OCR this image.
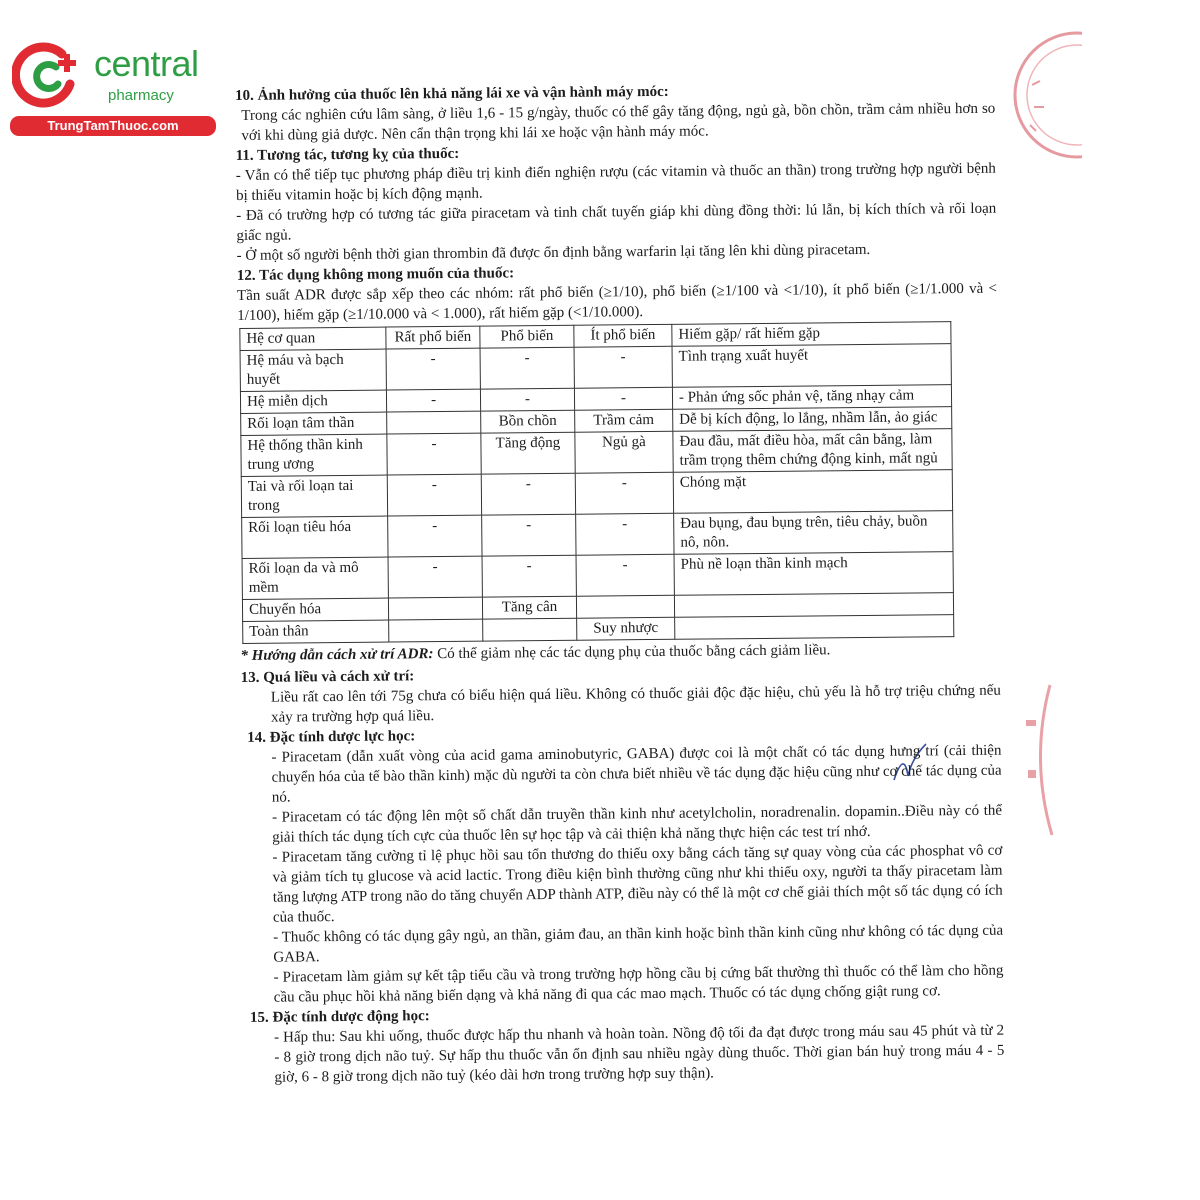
central
pharmacy
TrungTamThuoc.com

10. Ảnh hưởng của thuốc lên khả năng lái xe và vận hành máy móc:

Trong các nghiên cứu lâm sàng, ở liều 1,6 - 15 g/ngày, thuốc có thể gây tăng động, ngủ gà, bồn chồn, trầm cảm nhiều hơn so với khi dùng giả dược. Nên cẩn thận trọng khi lái xe hoặc vận hành máy móc.

11. Tương tác, tương kỵ của thuốc:

- Vẫn có thể tiếp tục phương pháp điều trị kinh điển nghiện rượu (các vitamin và thuốc an thần) trong trường hợp người bệnh bị thiếu vitamin hoặc bị kích động mạnh.

- Đã có trường hợp có tương tác giữa piracetam và tinh chất tuyến giáp khi dùng đồng thời: lú lẫn, bị kích thích và rối loạn giấc ngủ.

- Ở một số người bệnh thời gian thrombin đã được ổn định bằng warfarin lại tăng lên khi dùng piracetam.

12. Tác dụng không mong muốn của thuốc:

Tần suất ADR được sắp xếp theo các nhóm: rất phổ biến (≥1/10), phổ biến (≥1/100 và <1/10), ít phổ biến (≥1/1.000 và < 1/100), hiếm gặp (≥1/10.000 và < 1.000), rất hiếm gặp (<1/10.000).

Hệ cơ quan	Rất phổ biến	Phổ biến	Ít phổ biến	Hiếm gặp/ rất hiếm gặp
Hệ máu và bạch huyết	-	-	-	Tình trạng xuất huyết
Hệ miễn dịch	-	-	-	- Phản ứng sốc phản vệ, tăng nhạy cảm
Rối loạn tâm thần		Bồn chồn	Trầm cảm	Dễ bị kích động, lo lắng, nhầm lẫn, ảo giác
Hệ thống thần kinh trung ương	-	Tăng động	Ngủ gà	Đau đầu, mất điều hòa, mất cân bằng, làm trầm trọng thêm chứng động kinh, mất ngủ
Tai và rối loạn tai trong	-	-	-	Chóng mặt
Rối loạn tiêu hóa	-	-	-	Đau bụng, đau bụng trên, tiêu chảy, buồn nô, nôn.
Rối loạn da và mô mềm	-	-	-	Phù nề loạn thần kinh mạch
Chuyển hóa		Tăng cân		
Toàn thân			Suy nhược	

* Hướng dẫn cách xử trí ADR: Có thể giảm nhẹ các tác dụng phụ của thuốc bằng cách giảm liều.

13. Quá liều và cách xử trí:

Liều rất cao lên tới 75g chưa có biểu hiện quá liều. Không có thuốc giải độc đặc hiệu, chủ yếu là hỗ trợ triệu chứng nếu xảy ra trường hợp quá liều.

14. Đặc tính dược lực học:

- Piracetam (dẫn xuất vòng của acid gama aminobutyric, GABA) được coi là một chất có tác dụng hưng trí (cải thiện chuyển hóa của tế bào thần kinh) mặc dù người ta còn chưa biết nhiều về tác dụng đặc hiệu cũng như cơ chế tác dụng của nó.

- Piracetam có tác động lên một số chất dẫn truyền thần kinh như acetylcholin, noradrenalin. dopamin..Điều này có thể giải thích tác dụng tích cực của thuốc lên sự học tập và cải thiện khả năng thực hiện các test trí nhớ.

- Piracetam tăng cường tỉ lệ phục hồi sau tổn thương do thiếu oxy bằng cách tăng sự quay vòng của các phosphat vô cơ và giảm tích tụ glucose và acid lactic. Trong điều kiện bình thường cũng như khi thiếu oxy, người ta thấy piracetam làm tăng lượng ATP trong não do tăng chuyển ADP thành ATP, điều này có thể là một cơ chế giải thích một số tác dụng có ích của thuốc.

- Thuốc không có tác dụng gây ngủ, an thần, giảm đau, an thần kinh hoặc bình thần kinh cũng như không có tác dụng của GABA.

- Piracetam làm giảm sự kết tập tiểu cầu và trong trường hợp hồng cầu bị cứng bất thường thì thuốc có thể làm cho hồng cầu cầu phục hồi khả năng biến dạng và khả năng đi qua các mao mạch. Thuốc có tác dụng chống giật rung cơ.

15. Đặc tính dược động học:

- Hấp thu: Sau khi uống, thuốc được hấp thu nhanh và hoàn toàn. Nồng độ tối đa đạt được trong máu sau 45 phút và từ 2 - 8 giờ trong dịch não tuỷ. Sự hấp thu thuốc vẫn ổn định sau nhiều ngày dùng thuốc. Thời gian bán huỷ trong máu 4 - 5 giờ, 6 - 8 giờ trong dịch não tuỷ (kéo dài hơn trong trường hợp suy thận).
